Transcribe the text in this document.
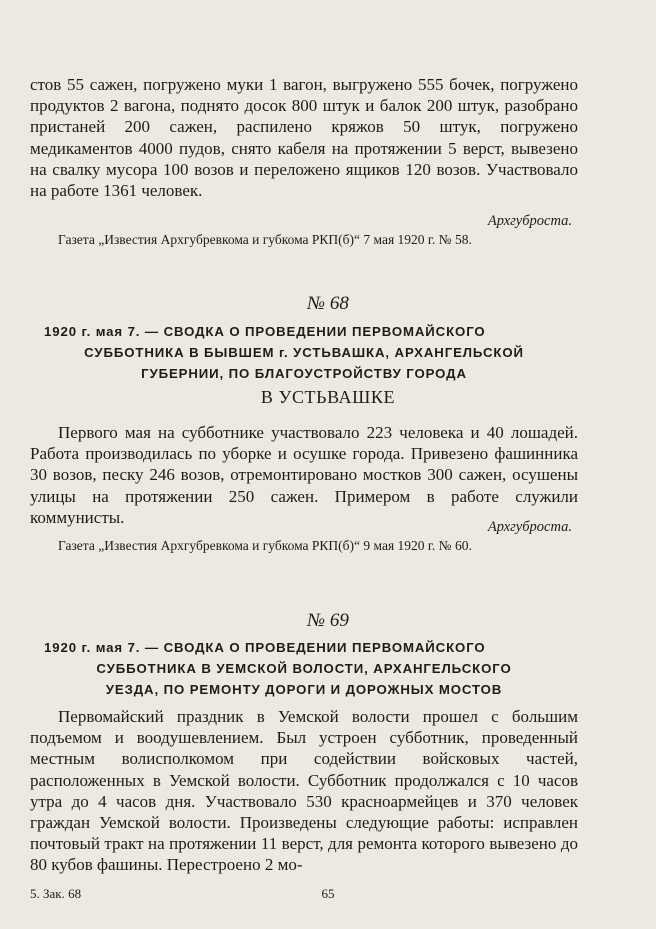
стов 55 сажен, погружено муки 1 вагон, выгружено 555 бочек, погружено продуктов 2 вагона, поднято досок 800 штук и балок 200 штук, разобрано пристаней 200 сажен, распилено кряжов 50 штук, погружено медикаментов 4000 пудов, снято кабеля на протяжении 5 верст, вывезено на свалку мусора 100 возов и переложено ящиков 120 возов. Участвовало на работе 1361 человек.

Архгуброста.

Газета „Известия Архгубревкома и губкома РКП(б)“ 7 мая 1920 г. № 58.

№ 68

1920 г. мая 7. — СВОДКА О ПРОВЕДЕНИИ ПЕРВОМАЙСКОГО
СУББОТНИКА В БЫВШЕМ г. УСТЬВАШКА, АРХАНГЕЛЬСКОЙ
ГУБЕРНИИ, ПО БЛАГОУСТРОЙСТВУ ГОРОДА

В УСТЬВАШКЕ

Первого мая на субботнике участвовало 223 человека и 40 лошадей. Работа производилась по уборке и осушке города. Привезено фашинника 30 возов, песку 246 возов, отремонтировано мостков 300 сажен, осушены улицы на протяжении 250 сажен. Примером в работе служили коммунисты.

Архгуброста.

Газета „Известия Архгубревкома и губкома РКП(б)“ 9 мая 1920 г. № 60.

№ 69

1920 г. мая 7. — СВОДКА О ПРОВЕДЕНИИ ПЕРВОМАЙСКОГО
СУББОТНИКА В УЕМСКОЙ ВОЛОСТИ, АРХАНГЕЛЬСКОГО
УЕЗДА, ПО РЕМОНТУ ДОРОГИ И ДОРОЖНЫХ МОСТОВ

Первомайский праздник в Уемской волости прошел с большим подъемом и воодушевлением. Был устроен субботник, проведенный местным волисполкомом при содействии войсковых частей, расположенных в Уемской волости. Субботник продолжался с 10 часов утра до 4 часов дня. Участвовало 530 красноармейцев и 370 человек граждан Уемской волости. Произведены следующие работы: исправлен почтовый тракт на протяжении 11 верст, для ремонта которого вывезено до 80 кубов фашины. Перестроено 2 мо-

5. Зак. 68	65
